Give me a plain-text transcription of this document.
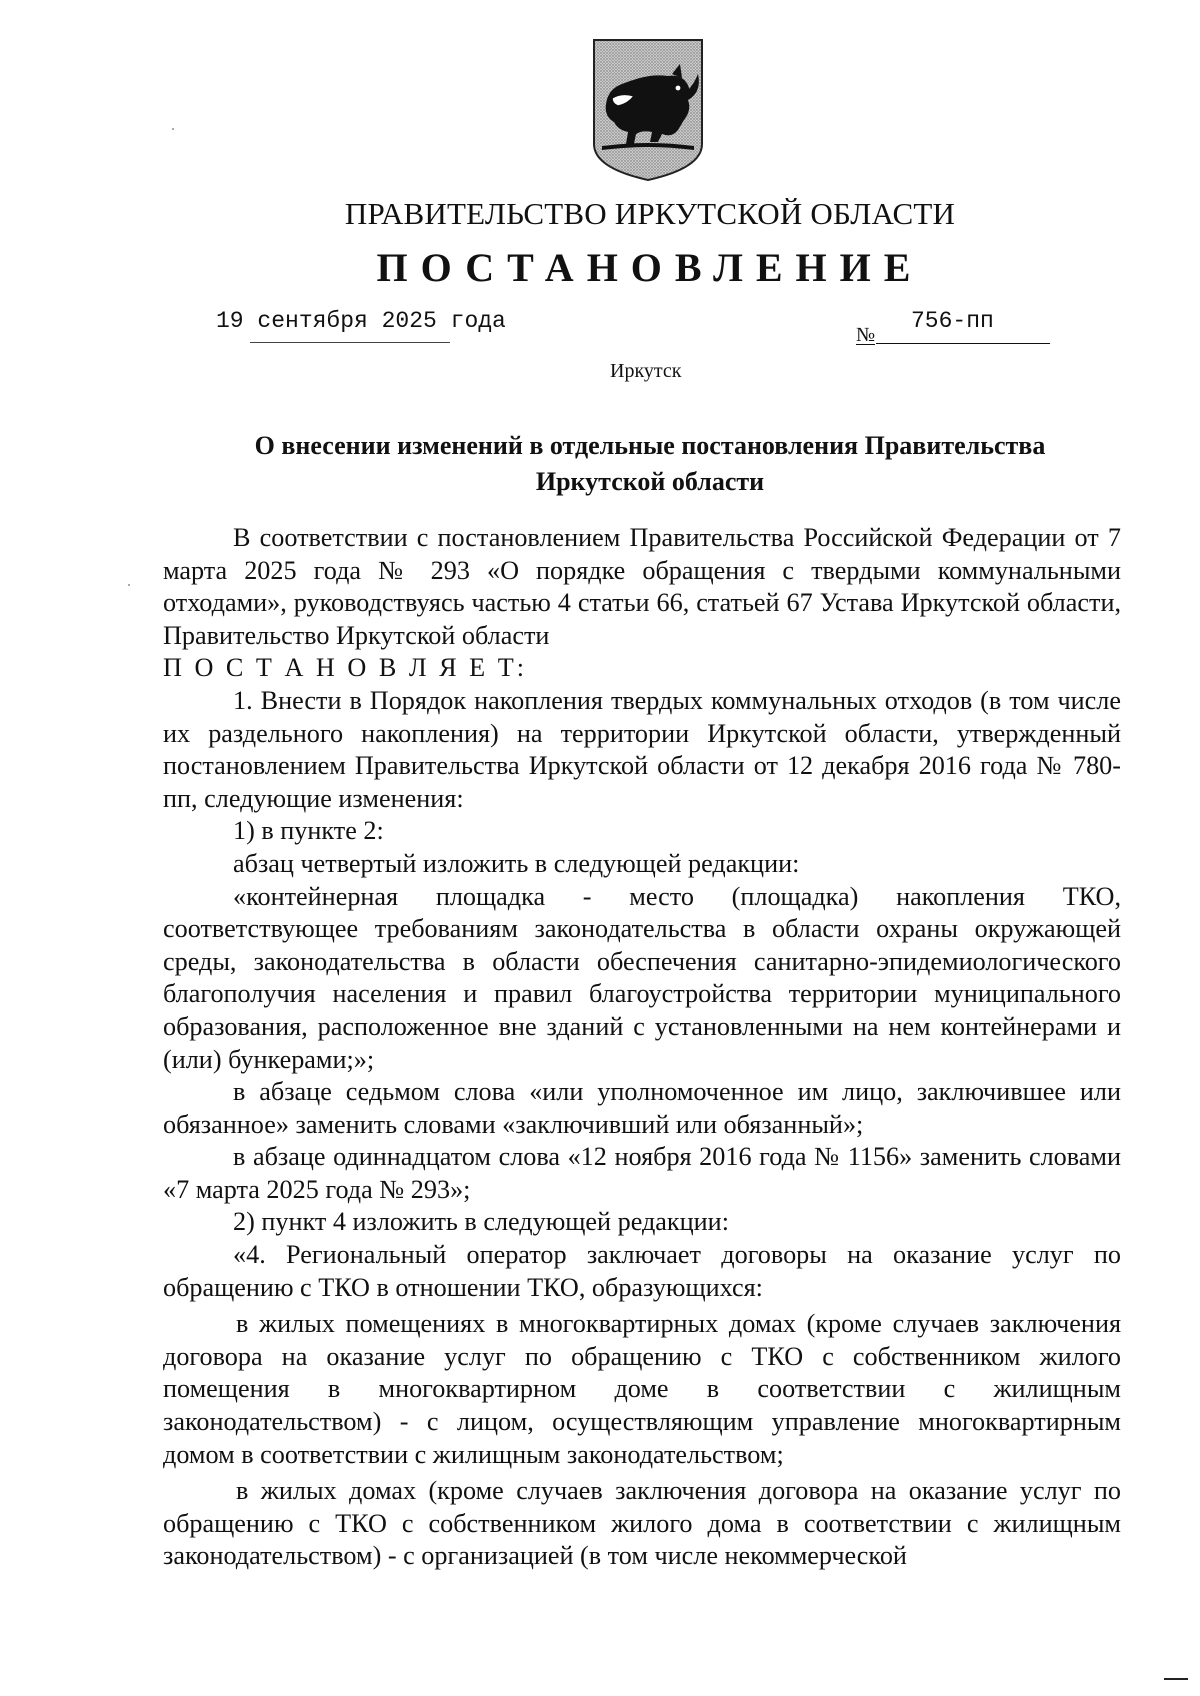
ПРАВИТЕЛЬСТВО ИРКУТСКОЙ ОБЛАСТИ
ПОСТАНОВЛЕНИЕ
19 сентября 2025 года
№
756-пп
Иркутск
О внесении изменений в отдельные постановления Правительства
Иркутской области

В соответствии с постановлением Правительства Российской Федерации от 7 марта 2025 года № 293 «О порядке обращения с твердыми коммунальными отходами», руководствуясь частью 4 статьи 66, статьей 67 Устава Иркутской области, Правительство Иркутской области

П О С Т А Н О В Л Я Е Т:

1. Внести в Порядок накопления твердых коммунальных отходов (в том числе их раздельного накопления) на территории Иркутской области, утвержденный постановлением Правительства Иркутской области от 12 декабря 2016 года № 780-пп, следующие изменения:

1) в пункте 2:

абзац четвертый изложить в следующей редакции:

«контейнерная площадка - место (площадка) накопления ТКО, соответствующее требованиям законодательства в области охраны окружающей среды, законодательства в области обеспечения санитарно-эпидемиологического благополучия населения и правил благоустройства территории муниципального образования, расположенное вне зданий с установленными на нем контейнерами и (или) бункерами;»;

в абзаце седьмом слова «или уполномоченное им лицо, заключившее или обязанное» заменить словами «заключивший или обязанный»;

в абзаце одиннадцатом слова «12 ноября 2016 года № 1156» заменить словами «7 марта 2025 года № 293»;

2) пункт 4 изложить в следующей редакции:

«4. Региональный оператор заключает договоры на оказание услуг по обращению с ТКО в отношении ТКО, образующихся:

в жилых помещениях в многоквартирных домах (кроме случаев заключения договора на оказание услуг по обращению с ТКО с собственником жилого помещения в многоквартирном доме в соответствии с жилищным законодательством) - с лицом, осуществляющим управление многоквартирным домом в соответствии с жилищным законодательством;

в жилых домах (кроме случаев заключения договора на оказание услуг по обращению с ТКО с собственником жилого дома в соответствии с жилищным законодательством) - с организацией (в том числе некоммерческой
